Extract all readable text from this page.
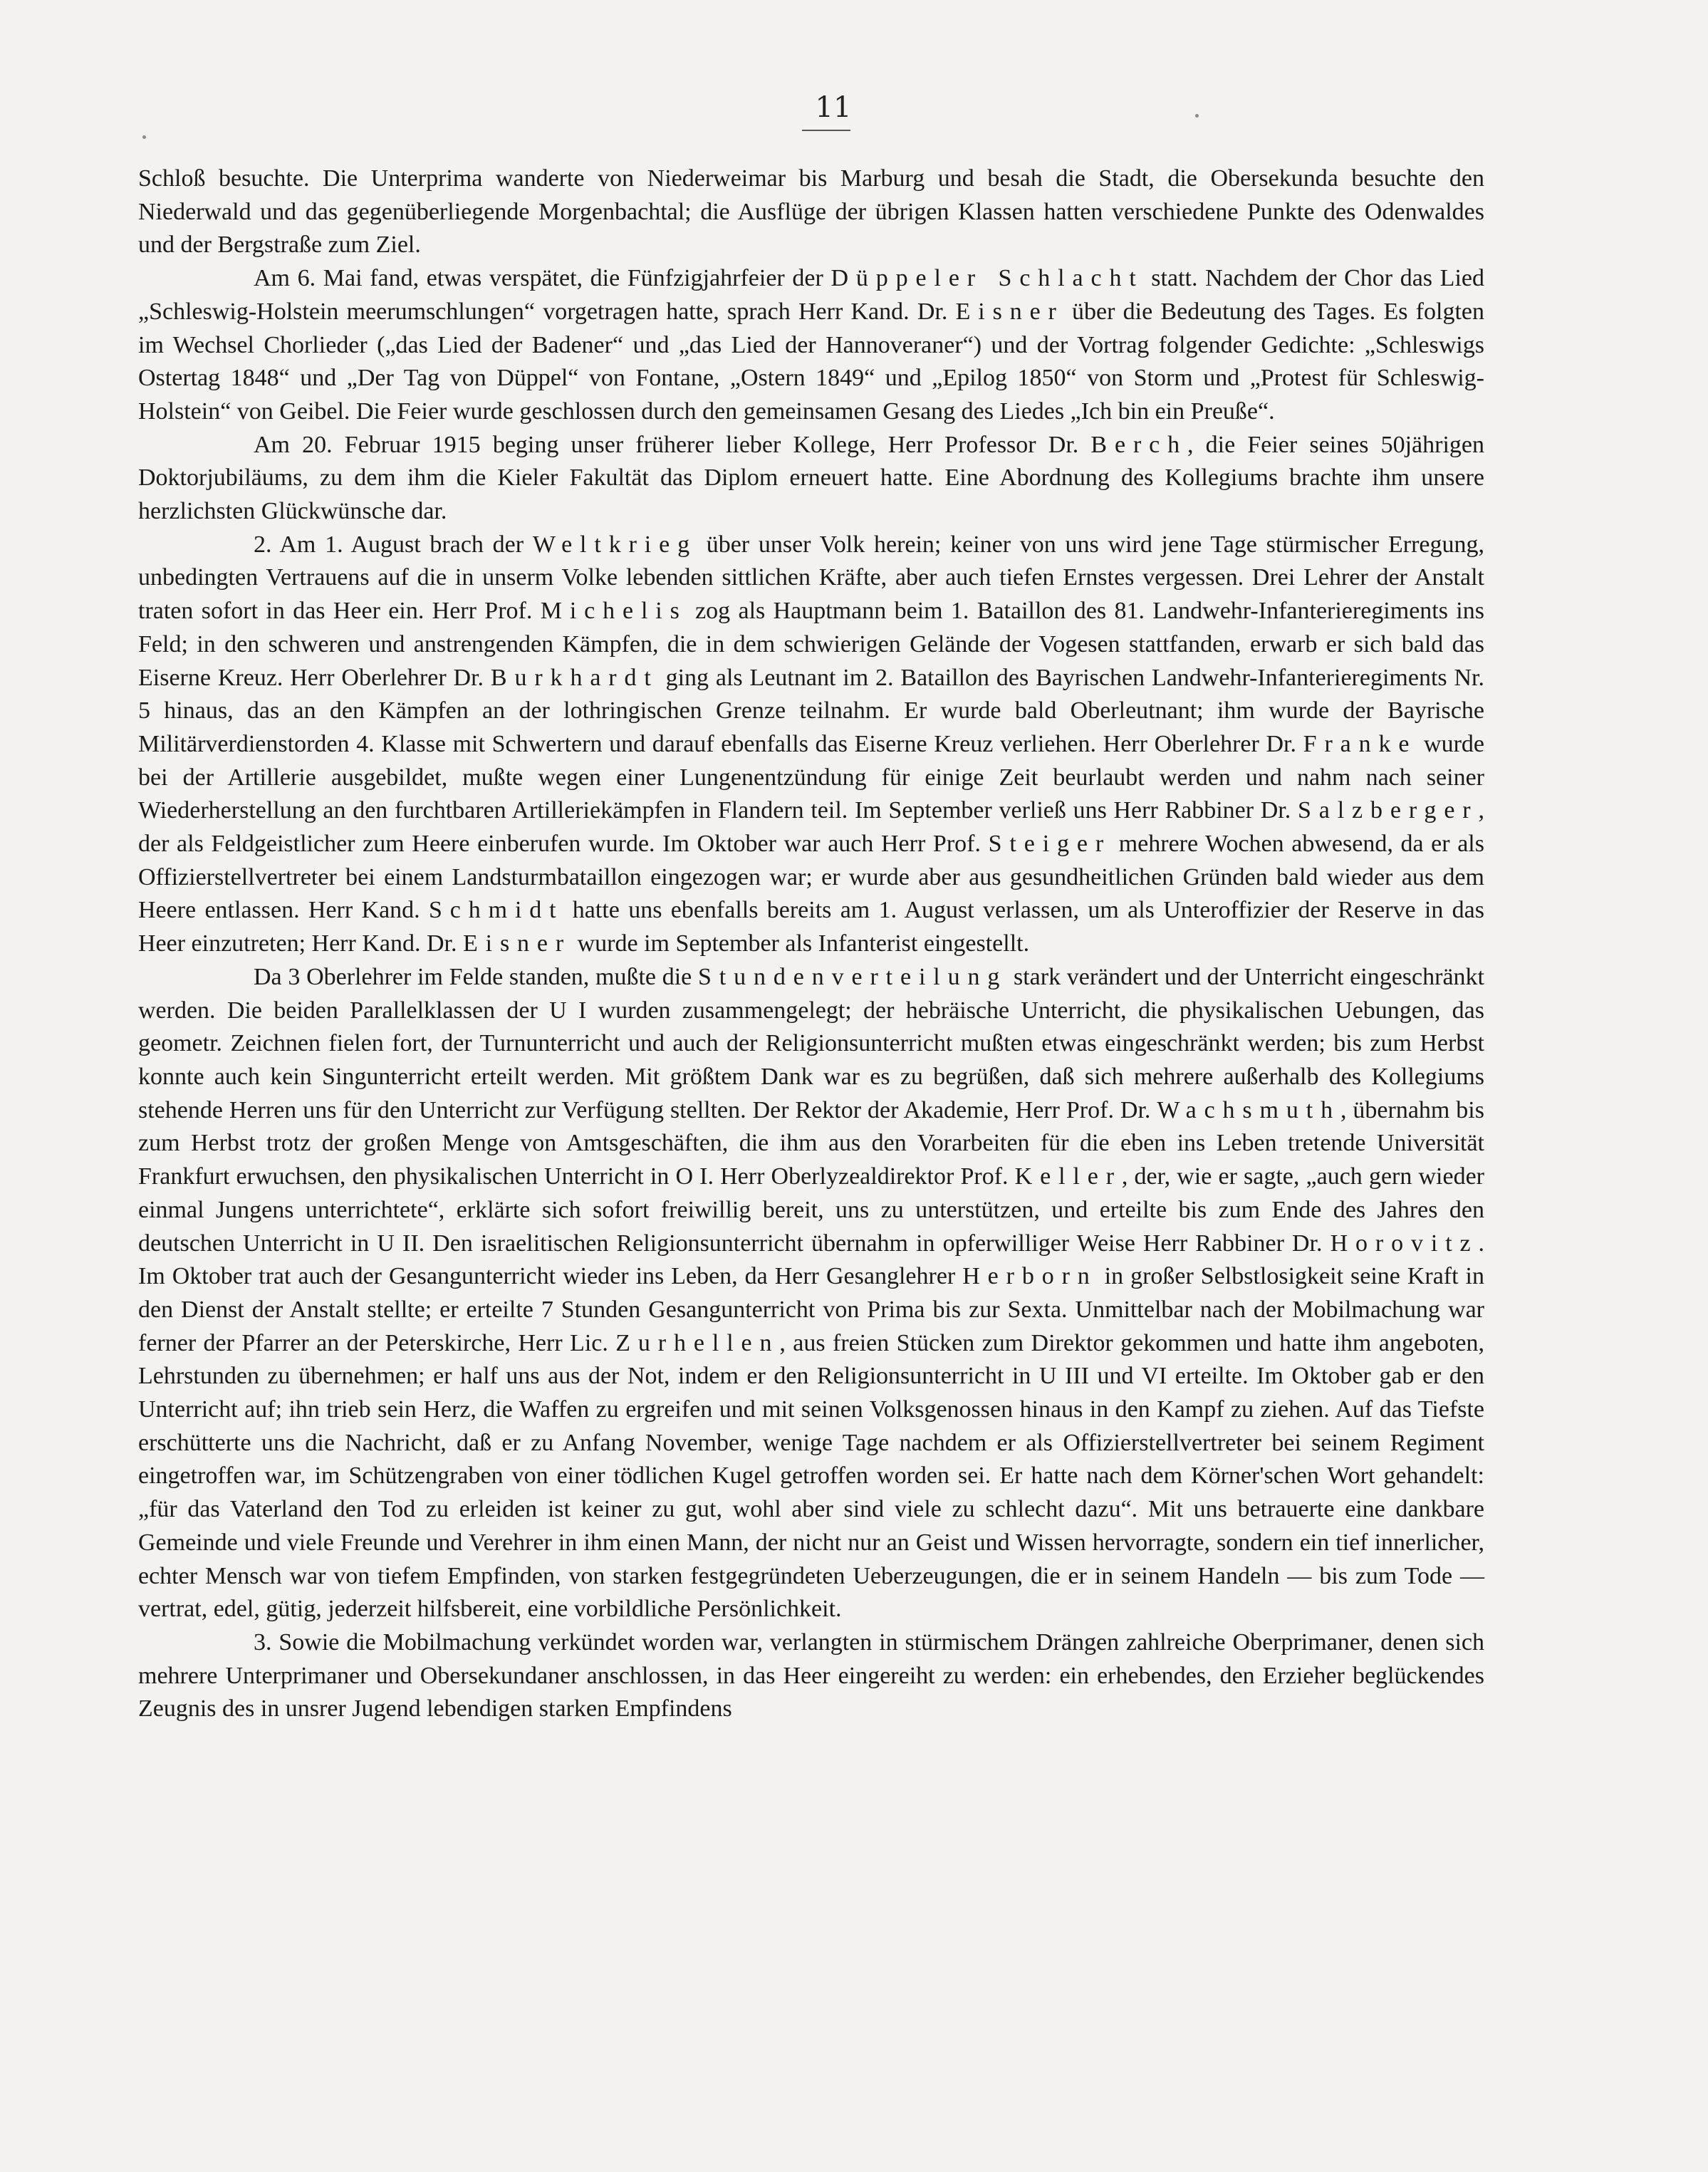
11

Schloß besuchte. Die Unterprima wanderte von Niederweimar bis Marburg und besah die Stadt, die Obersekunda besuchte den Niederwald und das gegenüberliegende Morgenbachtal; die Ausflüge der übrigen Klassen hatten verschiedene Punkte des Odenwaldes und der Bergstraße zum Ziel.

Am 6. Mai fand, etwas verspätet, die Fünfzigjahrfeier der Düppeler Schlacht statt. Nachdem der Chor das Lied „Schleswig-Holstein meerumschlungen“ vorgetragen hatte, sprach Herr Kand. Dr. Eisner über die Bedeutung des Tages. Es folgten im Wechsel Chorlieder („das Lied der Badener“ und „das Lied der Hannoveraner“) und der Vortrag folgender Gedichte: „Schleswigs Ostertag 1848“ und „Der Tag von Düppel“ von Fontane, „Ostern 1849“ und „Epilog 1850“ von Storm und „Protest für Schleswig-Holstein“ von Geibel. Die Feier wurde geschlossen durch den gemeinsamen Gesang des Liedes „Ich bin ein Preuße“.

Am 20. Februar 1915 beging unser früherer lieber Kollege, Herr Professor Dr. Berch, die Feier seines 50jährigen Doktorjubiläums, zu dem ihm die Kieler Fakultät das Diplom erneuert hatte. Eine Abordnung des Kollegiums brachte ihm unsere herzlichsten Glückwünsche dar.

2. Am 1. August brach der Weltkrieg über unser Volk herein; keiner von uns wird jene Tage stürmischer Erregung, unbedingten Vertrauens auf die in unserm Volke lebenden sittlichen Kräfte, aber auch tiefen Ernstes vergessen. Drei Lehrer der Anstalt traten sofort in das Heer ein. Herr Prof. Michelis zog als Hauptmann beim 1. Bataillon des 81. Landwehr-Infanterieregiments ins Feld; in den schweren und anstrengenden Kämpfen, die in dem schwierigen Gelände der Vogesen stattfanden, erwarb er sich bald das Eiserne Kreuz. Herr Oberlehrer Dr. Burkhardt ging als Leutnant im 2. Bataillon des Bayrischen Landwehr-Infanterieregiments Nr. 5 hinaus, das an den Kämpfen an der lothringischen Grenze teilnahm. Er wurde bald Oberleutnant; ihm wurde der Bayrische Militärverdienstorden 4. Klasse mit Schwertern und darauf ebenfalls das Eiserne Kreuz verliehen. Herr Oberlehrer Dr. Franke wurde bei der Artillerie ausgebildet, mußte wegen einer Lungenentzündung für einige Zeit beurlaubt werden und nahm nach seiner Wiederherstellung an den furchtbaren Artilleriekämpfen in Flandern teil. Im September verließ uns Herr Rabbiner Dr. Salzberger, der als Feldgeistlicher zum Heere einberufen wurde. Im Oktober war auch Herr Prof. Steiger mehrere Wochen abwesend, da er als Offizierstellvertreter bei einem Landsturmbataillon eingezogen war; er wurde aber aus gesundheitlichen Gründen bald wieder aus dem Heere entlassen. Herr Kand. Schmidt hatte uns ebenfalls bereits am 1. August verlassen, um als Unteroffizier der Reserve in das Heer einzutreten; Herr Kand. Dr. Eisner wurde im September als Infanterist eingestellt.

Da 3 Oberlehrer im Felde standen, mußte die Stundenverteilung stark verändert und der Unterricht eingeschränkt werden. Die beiden Parallelklassen der U I wurden zusammengelegt; der hebräische Unterricht, die physikalischen Uebungen, das geometr. Zeichnen fielen fort, der Turnunterricht und auch der Religionsunterricht mußten etwas eingeschränkt werden; bis zum Herbst konnte auch kein Singunterricht erteilt werden. Mit größtem Dank war es zu begrüßen, daß sich mehrere außerhalb des Kollegiums stehende Herren uns für den Unterricht zur Verfügung stellten. Der Rektor der Akademie, Herr Prof. Dr. Wachsmuth, übernahm bis zum Herbst trotz der großen Menge von Amtsgeschäften, die ihm aus den Vorarbeiten für die eben ins Leben tretende Universität Frankfurt erwuchsen, den physikalischen Unterricht in O I. Herr Oberlyzealdirektor Prof. Keller, der, wie er sagte, „auch gern wieder einmal Jungens unterrichtete“, erklärte sich sofort freiwillig bereit, uns zu unterstützen, und erteilte bis zum Ende des Jahres den deutschen Unterricht in U II. Den israelitischen Religionsunterricht übernahm in opferwilliger Weise Herr Rabbiner Dr. Horovitz. Im Oktober trat auch der Gesangunterricht wieder ins Leben, da Herr Gesanglehrer Herborn in großer Selbstlosigkeit seine Kraft in den Dienst der Anstalt stellte; er erteilte 7 Stunden Gesangunterricht von Prima bis zur Sexta. Unmittelbar nach der Mobilmachung war ferner der Pfarrer an der Peterskirche, Herr Lic. Zurhellen, aus freien Stücken zum Direktor gekommen und hatte ihm angeboten, Lehrstunden zu übernehmen; er half uns aus der Not, indem er den Religionsunterricht in U III und VI erteilte. Im Oktober gab er den Unterricht auf; ihn trieb sein Herz, die Waffen zu ergreifen und mit seinen Volksgenossen hinaus in den Kampf zu ziehen. Auf das Tiefste erschütterte uns die Nachricht, daß er zu Anfang November, wenige Tage nachdem er als Offizierstellvertreter bei seinem Regiment eingetroffen war, im Schützengraben von einer tödlichen Kugel getroffen worden sei. Er hatte nach dem Körner'schen Wort gehandelt: „für das Vaterland den Tod zu erleiden ist keiner zu gut, wohl aber sind viele zu schlecht dazu“. Mit uns betrauerte eine dankbare Gemeinde und viele Freunde und Verehrer in ihm einen Mann, der nicht nur an Geist und Wissen hervorragte, sondern ein tief innerlicher, echter Mensch war von tiefem Empfinden, von starken festgegründeten Ueberzeugungen, die er in seinem Handeln — bis zum Tode — vertrat, edel, gütig, jederzeit hilfsbereit, eine vorbildliche Persönlichkeit.

3. Sowie die Mobilmachung verkündet worden war, verlangten in stürmischem Drängen zahlreiche Oberprimaner, denen sich mehrere Unterprimaner und Obersekundaner anschlossen, in das Heer eingereiht zu werden: ein erhebendes, den Erzieher beglückendes Zeugnis des in unsrer Jugend lebendigen starken Empfindens
